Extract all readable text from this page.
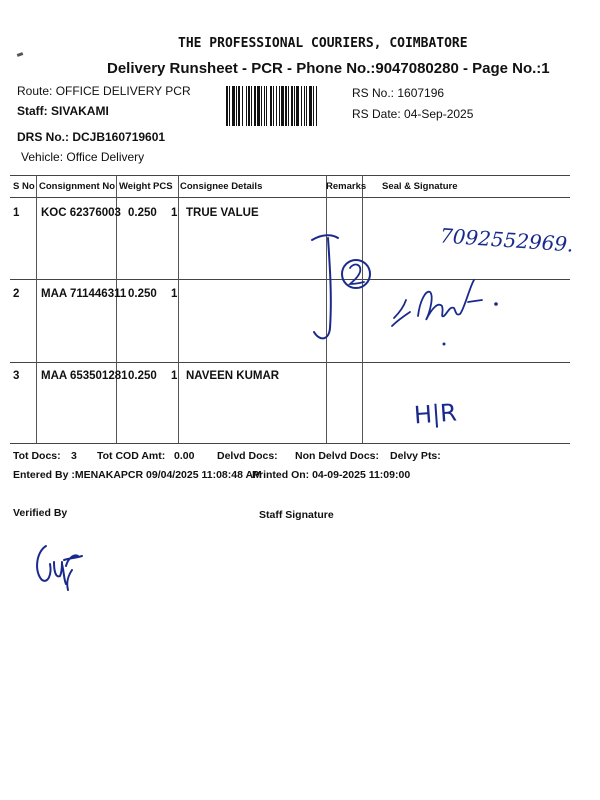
THE PROFESSIONAL COURIERS, COIMBATORE
Delivery Runsheet - PCR - Phone No.:9047080280 - Page No.:1
Route: OFFICE DELIVERY PCR
Staff: SIVAKAMI
DRS No.: DCJB160719601
Vehicle: Office Delivery
RS No.: 1607196
RS Date: 04-Sep-2025
S No Consignment No Weight PCS Consignee Details	Remarks Seal & Signature
1 KOC 62376003 0.250 1 TRUE VALUE
2 MAA 711446311 0.250 1
3 MAA 653501281 0.250 1 NAVEEN KUMAR
7092552969.
H|R
Tot Docs: 3 Tot COD Amt: 0.00 Delvd Docs: Non Delvd Docs: Delvy Pts:
Entered By :MENAKAPCR 09/04/2025 11:08:48 AM
Printed On: 04-09-2025 11:09:00
Verified By	Staff Signature
